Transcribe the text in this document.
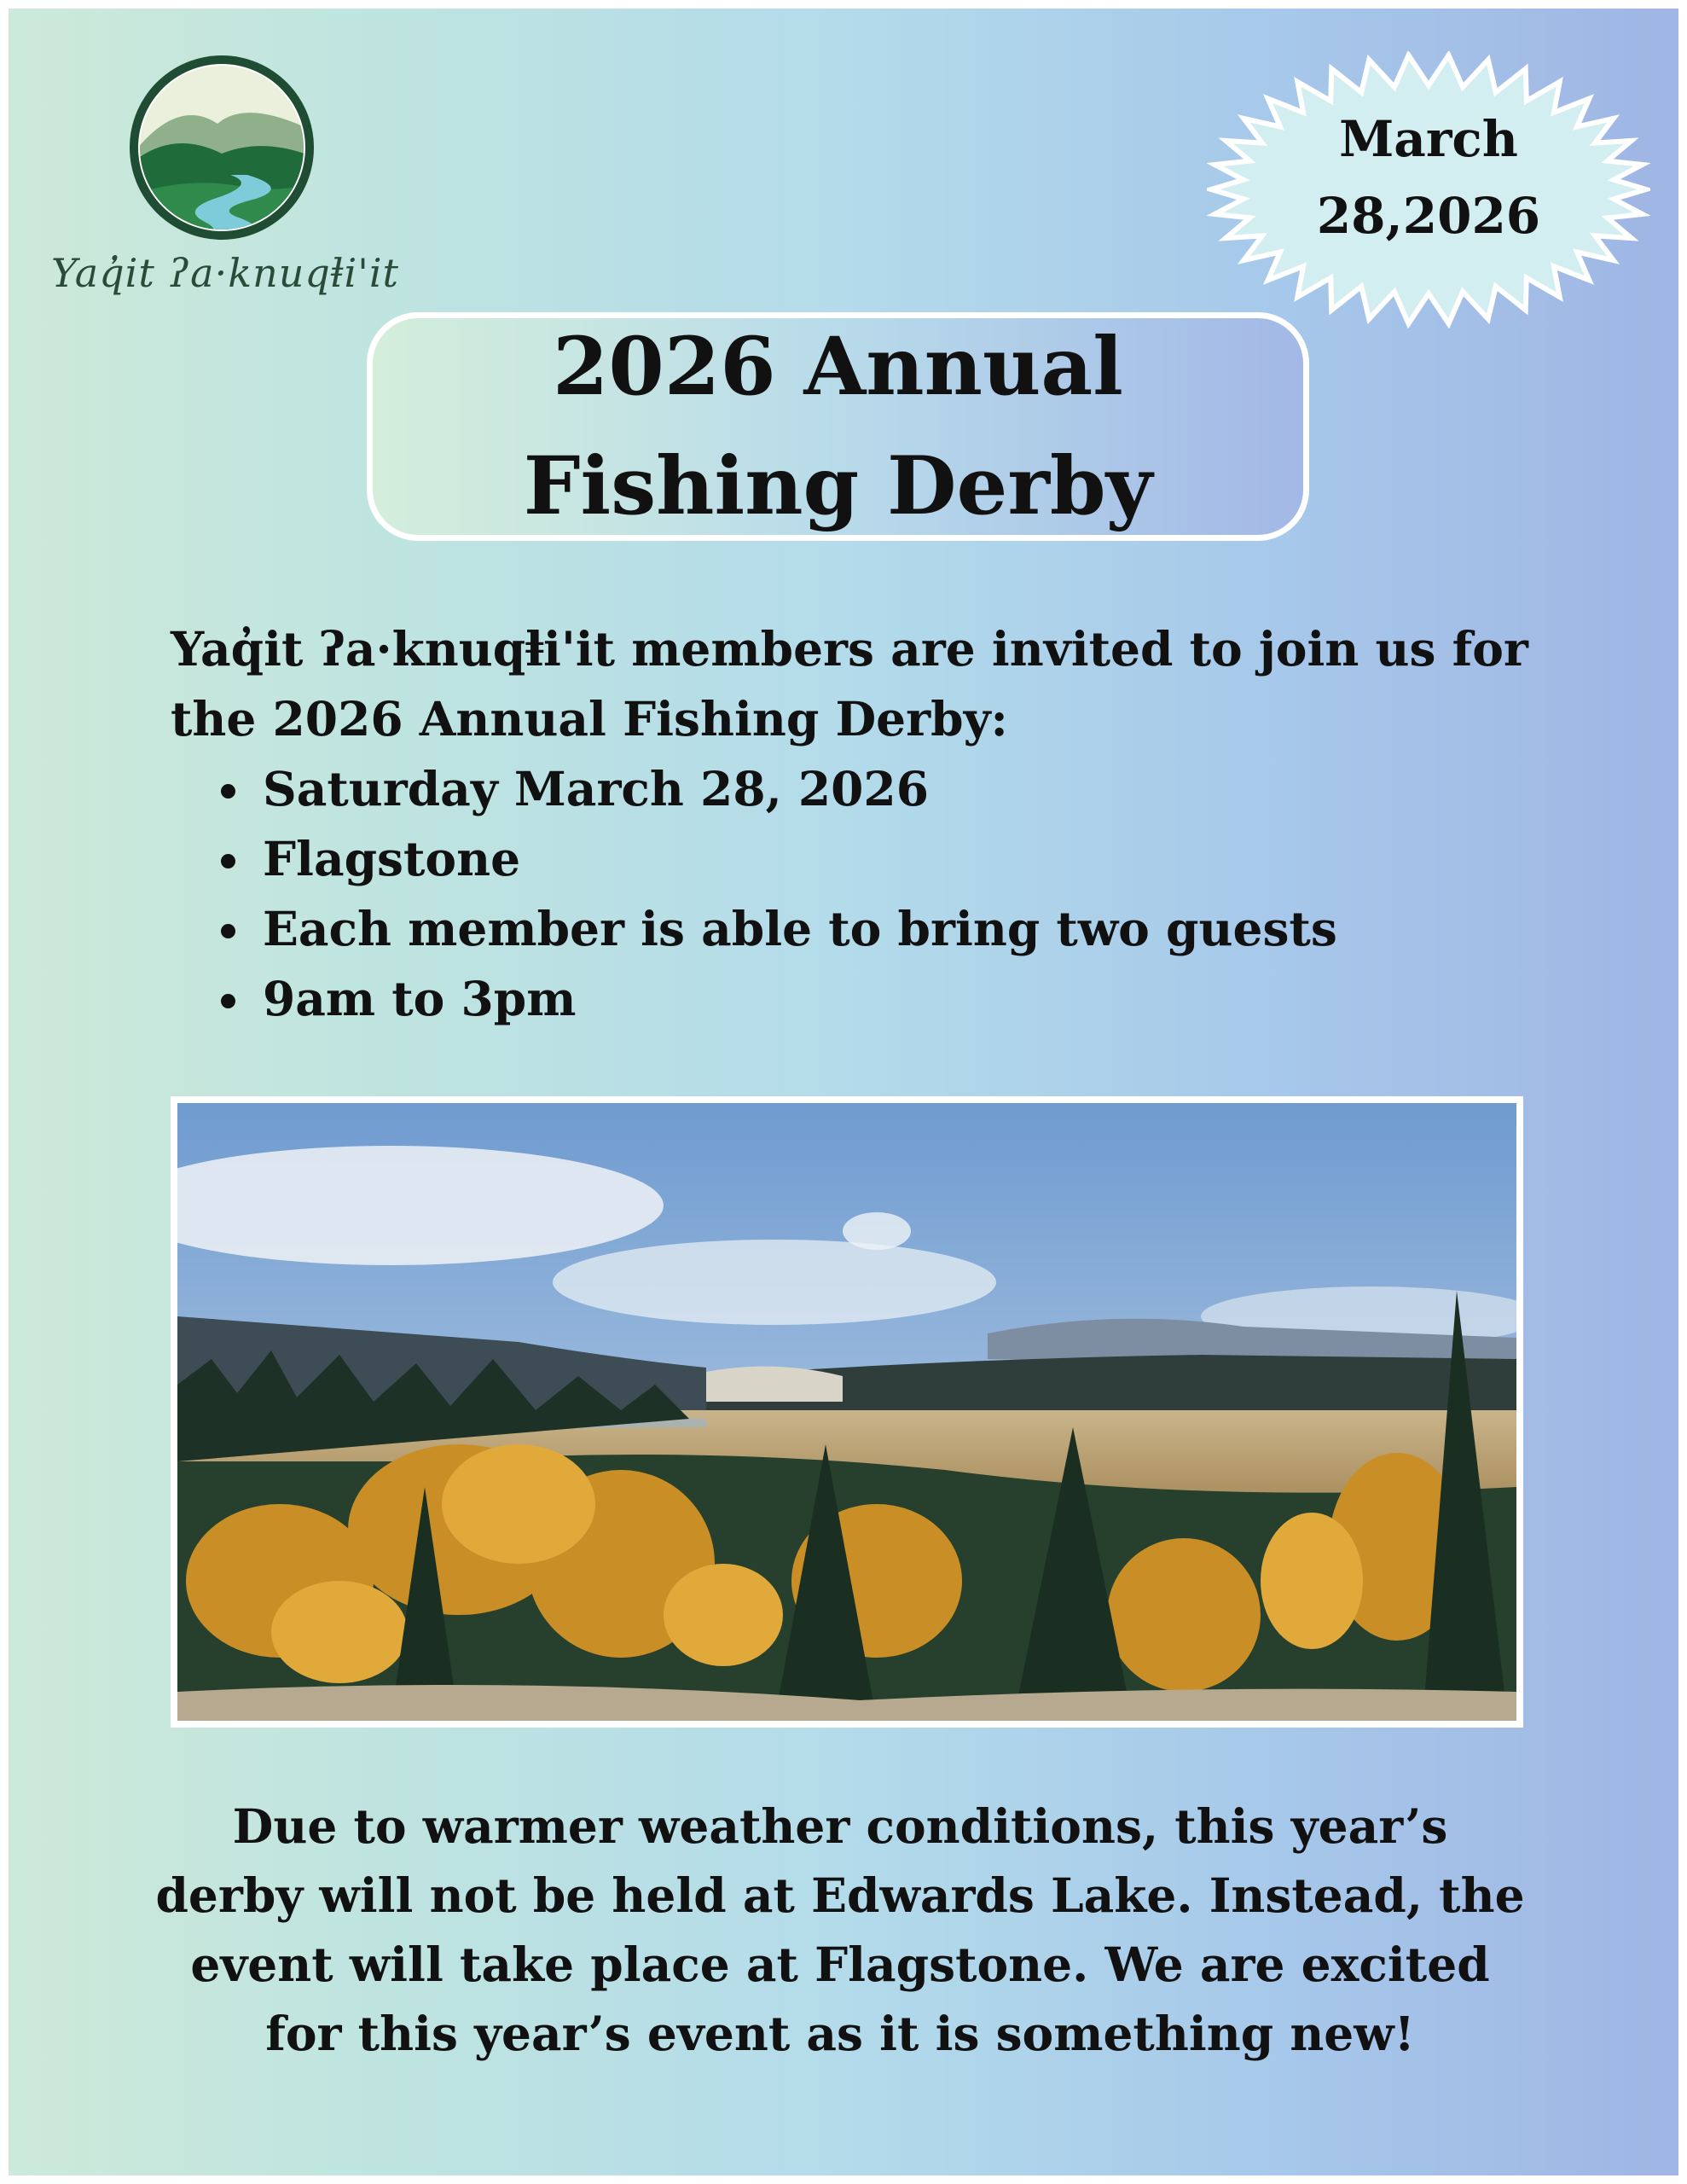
Yaq̓it ʔa·knuqⱡi'it
March
28,2026
2026 Annual Fishing Derby

Yaq̓it ʔa·knuqⱡi'it members are invited to join us for the 2026 Annual Fishing Derby:

• Saturday March 28, 2026
• Flagstone
• Each member is able to bring two guests
• 9am to 3pm
Due to warmer weather conditions, this year’s derby will not be held at Edwards Lake. Instead, the event will take place at Flagstone. We are excited for this year’s event as it is something new!
